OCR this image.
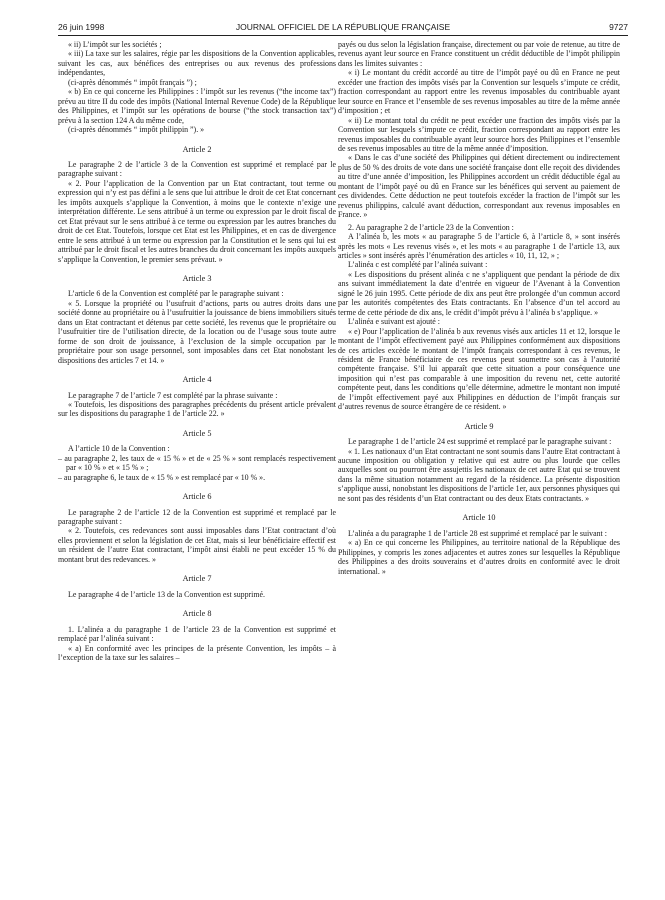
26 juin 1998	JOURNAL OFFICIEL DE LA RÉPUBLIQUE FRANÇAISE	9727

« ii) L’impôt sur les sociétés ;

« iii) La taxe sur les salaires, régie par les dispositions de la Convention applicables, suivant les cas, aux bénéfices des entreprises ou aux revenus des professions indépendantes,

(ci-après dénommés “ impôt français ”) ;

« b) En ce qui concerne les Philippines : l’impôt sur les revenus (“the income tax”) prévu au titre II du code des impôts (National Internal Revenue Code) de la République des Philippines, et l’impôt sur les opérations de bourse (“the stock transaction tax”) prévu à la section 124 A du même code,

(ci-après dénommés “ impôt philippin ”). »

Article 2

Le paragraphe 2 de l’article 3 de la Convention est supprimé et remplacé par le paragraphe suivant :

« 2. Pour l’application de la Convention par un Etat contractant, tout terme ou expression qui n’y est pas défini a le sens que lui attribue le droit de cet Etat concernant les impôts auxquels s’applique la Convention, à moins que le contexte n’exige une interprétation différente. Le sens attribué à un terme ou expression par le droit fiscal de cet Etat prévaut sur le sens attribué à ce terme ou expression par les autres branches du droit de cet Etat. Toutefois, lorsque cet Etat est les Philippines, et en cas de divergence entre le sens attribué à un terme ou expression par la Constitution et le sens qui lui est attribué par le droit fiscal et les autres branches du droit concernant les impôts auxquels s’applique la Convention, le premier sens prévaut. »

Article 3

L’article 6 de la Convention est complété par le paragraphe suivant :

« 5. Lorsque la propriété ou l’usufruit d’actions, parts ou autres droits dans une société donne au propriétaire ou à l’usufruitier la jouissance de biens immobiliers situés dans un Etat contractant et détenus par cette société, les revenus que le propriétaire ou l’usufruitier tire de l’utilisation directe, de la location ou de l’usage sous toute autre forme de son droit de jouissance, à l’exclusion de la simple occupation par le propriétaire pour son usage personnel, sont imposables dans cet Etat nonobstant les dispositions des articles 7 et 14. »

Article 4

Le paragraphe 7 de l’article 7 est complété par la phrase suivante :

« Toutefois, les dispositions des paragraphes précédents du présent article prévalent sur les dispositions du paragraphe 1 de l’article 22. »

Article 5

A l’article 10 de la Convention :

– au paragraphe 2, les taux de « 15 % » et de « 25 % » sont remplacés respectivement par « 10 % » et « 15 % » ;

– au paragraphe 6, le taux de « 15 % » est remplacé par « 10 % ».

Article 6

Le paragraphe 2 de l’article 12 de la Convention est supprimé et remplacé par le paragraphe suivant :

« 2. Toutefois, ces redevances sont aussi imposables dans l’Etat contractant d’où elles proviennent et selon la législation de cet Etat, mais si leur bénéficiaire effectif est un résident de l’autre Etat contractant, l’impôt ainsi établi ne peut excéder 15 % du montant brut des redevances. »

Article 7

Le paragraphe 4 de l’article 13 de la Convention est supprimé.

Article 8

1. L’alinéa a du paragraphe 1 de l’article 23 de la Convention est supprimé et remplacé par l’alinéa suivant :

« a) En conformité avec les principes de la présente Convention, les impôts – à l’exception de la taxe sur les salaires –

payés ou dus selon la législation française, directement ou par voie de retenue, au titre de revenus ayant leur source en France constituent un crédit déductible de l’impôt philippin dans les limites suivantes :

« i) Le montant du crédit accordé au titre de l’impôt payé ou dû en France ne peut excéder une fraction des impôts visés par la Convention sur lesquels s’impute ce crédit, fraction correspondant au rapport entre les revenus imposables du contribuable ayant leur source en France et l’ensemble de ses revenus imposables au titre de la même année d’imposition ; et

« ii) Le montant total du crédit ne peut excéder une fraction des impôts visés par la Convention sur lesquels s’impute ce crédit, fraction correspondant au rapport entre les revenus imposables du contribuable ayant leur source hors des Philippines et l’ensemble de ses revenus imposables au titre de la même année d’imposition.

« Dans le cas d’une société des Philippines qui détient directement ou indirectement plus de 50 % des droits de vote dans une société française dont elle reçoit des dividendes au titre d’une année d’imposition, les Philippines accordent un crédit déductible égal au montant de l’impôt payé ou dû en France sur les bénéfices qui servent au paiement de ces dividendes. Cette déduction ne peut toutefois excéder la fraction de l’impôt sur les revenus philippins, calculé avant déduction, correspondant aux revenus imposables en France. »

2. Au paragraphe 2 de l’article 23 de la Convention :

A l’alinéa b, les mots « au paragraphe 5 de l’article 6, à l’article 8, » sont insérés après les mots « Les revenus visés », et les mots « au paragraphe 1 de l’article 13, aux articles » sont insérés après l’énumération des articles « 10, 11, 12, » ;

L’alinéa c est complété par l’alinéa suivant :

« Les dispositions du présent alinéa c ne s’appliquent que pendant la période de dix ans suivant immédiatement la date d’entrée en vigueur de l’Avenant à la Convention signé le 26 juin 1995. Cette période de dix ans peut être prolongée d’un commun accord par les autorités compétentes des Etats contractants. En l’absence d’un tel accord au terme de cette période de dix ans, le crédit d’impôt prévu à l’alinéa b s’applique. »

L’alinéa e suivant est ajouté :

« e) Pour l’application de l’alinéa b aux revenus visés aux articles 11 et 12, lorsque le montant de l’impôt effectivement payé aux Philippines conformément aux dispositions de ces articles excède le montant de l’impôt français correspondant à ces revenus, le résident de France bénéficiaire de ces revenus peut soumettre son cas à l’autorité compétente française. S’il lui apparaît que cette situation a pour conséquence une imposition qui n’est pas comparable à une imposition du revenu net, cette autorité compétente peut, dans les conditions qu’elle détermine, admettre le montant non imputé de l’impôt effectivement payé aux Philippines en déduction de l’impôt français sur d’autres revenus de source étrangère de ce résident. »

Article 9

Le paragraphe 1 de l’article 24 est supprimé et remplacé par le paragraphe suivant :

« 1. Les nationaux d’un Etat contractant ne sont soumis dans l’autre Etat contractant à aucune imposition ou obligation y relative qui est autre ou plus lourde que celles auxquelles sont ou pourront être assujettis les nationaux de cet autre Etat qui se trouvent dans la même situation notamment au regard de la résidence. La présente disposition s’applique aussi, nonobstant les dispositions de l’article 1er, aux personnes physiques qui ne sont pas des résidents d’un Etat contractant ou des deux Etats contractants. »

Article 10

L’alinéa a du paragraphe 1 de l’article 28 est supprimé et remplacé par le suivant :

« a) En ce qui concerne les Philippines, au territoire national de la République des Philippines, y compris les zones adjacentes et autres zones sur lesquelles la République des Philippines a des droits souverains et d’autres droits en conformité avec le droit international. »
